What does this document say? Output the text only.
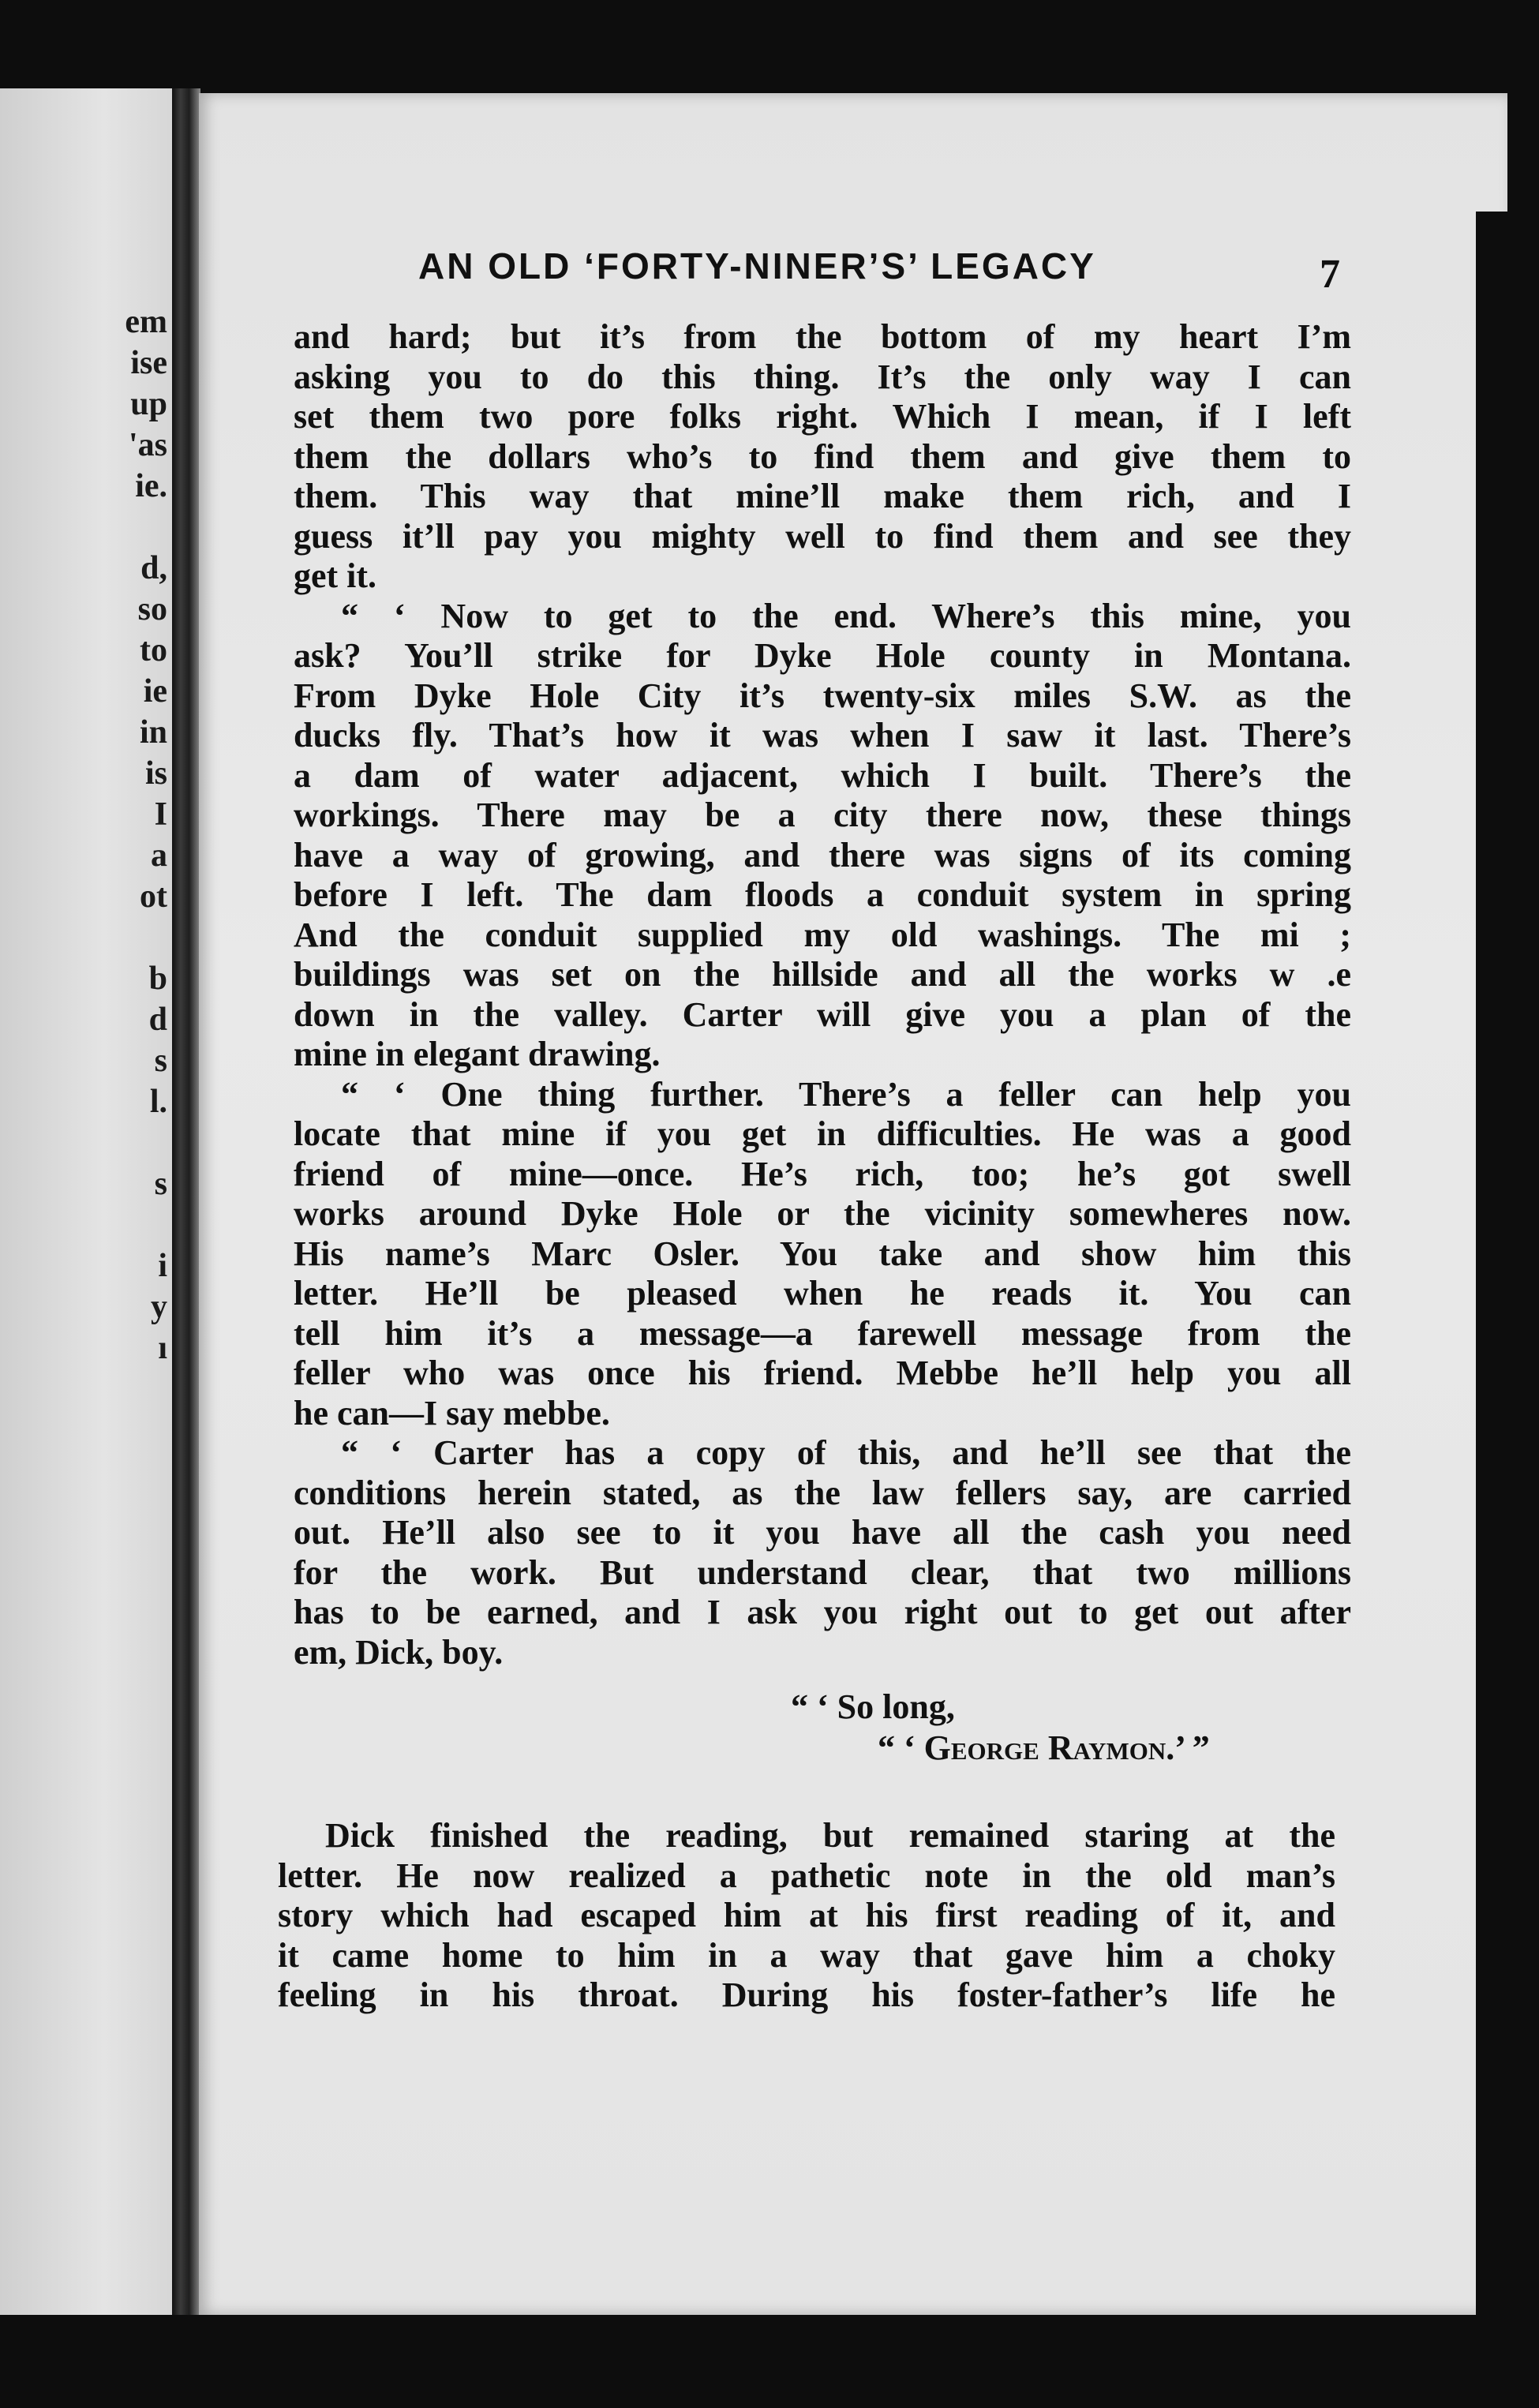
em
ise
up
'as
ie.
d,
so
to
ie
in
is
I
a
ot
b
d
s
l.
s
i
y
ı
AN OLD ‘FORTY-NINER’S’ LEGACY	7
and hard; but it’s from the bottom of my heart I’m
asking you to do this thing. It’s the only way I can
set them two pore folks right. Which I mean, if I left
them the dollars who’s to find them and give them to
them. This way that mine’ll make them rich, and I
guess it’ll pay you mighty well to find them and see they
get it.
“ ‘ Now to get to the end. Where’s this mine, you
ask? You’ll strike for Dyke Hole county in Montana.
From Dyke Hole City it’s twenty-six miles S.W. as the
ducks fly. That’s how it was when I saw it last. There’s
a dam of water adjacent, which I built. There’s the
workings. There may be a city there now, these things
have a way of growing, and there was signs of its coming
before I left. The dam floods a conduit system in spring
And the conduit supplied my old washings. The mi ;
buildings was set on the hillside and all the works w .e
down in the valley. Carter will give you a plan of the
mine in elegant drawing.
“ ‘ One thing further. There’s a feller can help you
locate that mine if you get in difficulties. He was a good
friend of mine—once. He’s rich, too; he’s got swell
works around Dyke Hole or the vicinity somewheres now.
His name’s Marc Osler. You take and show him this
letter. He’ll be pleased when he reads it. You can
tell him it’s a message—a farewell message from the
feller who was once his friend. Mebbe he’ll help you all
he can—I say mebbe.
“ ‘ Carter has a copy of this, and he’ll see that the
conditions herein stated, as the law fellers say, are carried
out. He’ll also see to it you have all the cash you need
for the work. But understand clear, that two millions
has to be earned, and I ask you right out to get out after
em, Dick, boy.
“ ‘ So long,
“ ‘ George Raymon.’ ”
Dick finished the reading, but remained staring at the
letter. He now realized a pathetic note in the old man’s
story which had escaped him at his first reading of it, and
it came home to him in a way that gave him a choky
feeling in his throat. During his foster-father’s life he
